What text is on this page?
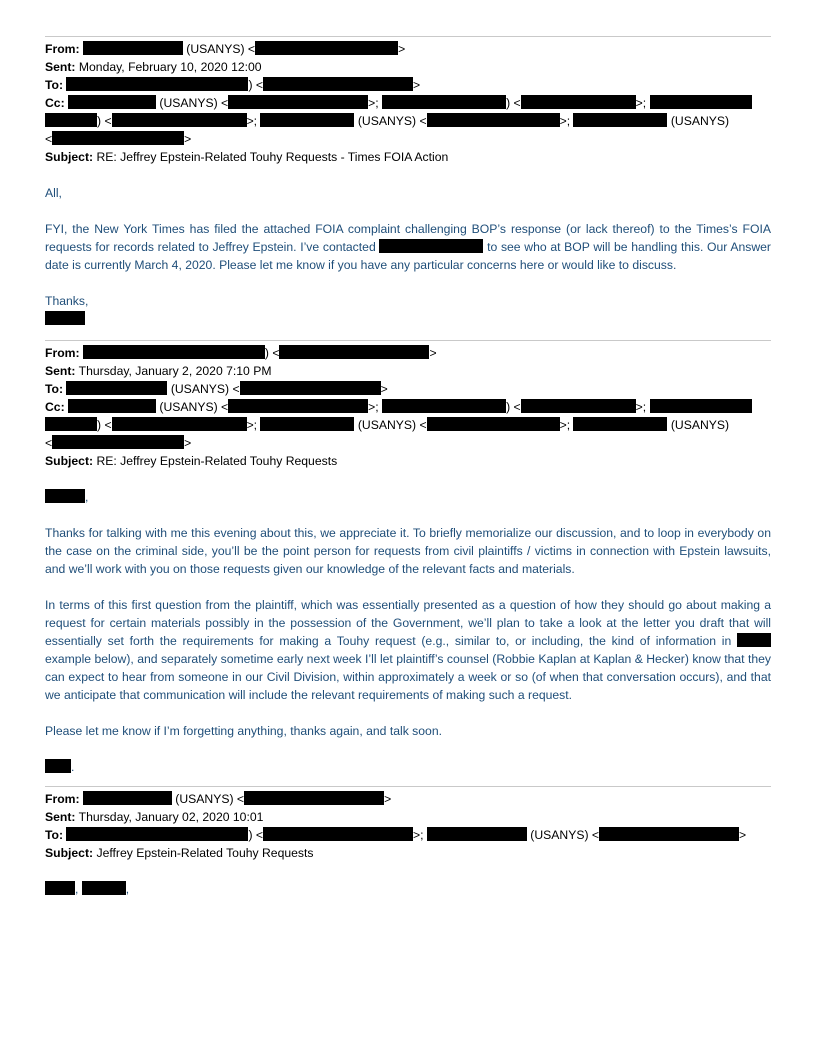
From:	(USANYS) <	>
Sent: Monday, February 10, 2020 12:00
To:	) <	>
Cc:	(USANYS) <	>;	) <	>;
) <	>;	(USANYS) <	>;	(USANYS)
<	>
Subject: RE: Jeffrey Epstein-Related Touhy Requests - Times FOIA Action

All,

FYI, the New York Times has filed the attached FOIA complaint challenging BOP’s response (or lack thereof) to the Times’s FOIA requests for records related to Jeffrey Epstein. I’ve contacted	to see who at BOP will be handling this. Our Answer date is currently March 4, 2020. Please let me know if you have any particular concerns here or would like to discuss.

Thanks,

From:	) <	>
Sent: Thursday, January 2, 2020 7:10 PM
To:	(USANYS) <	>
Cc:	(USANYS) <	>;	) <	>;
) <	>;	(USANYS) <	>;	(USANYS)
<	>
Subject: RE: Jeffrey Epstein-Related Touhy Requests
,

Thanks for talking with me this evening about this, we appreciate it. To briefly memorialize our discussion, and to loop in everybody on the case on the criminal side, you’ll be the point person for requests from civil plaintiffs / victims in connection with Epstein lawsuits, and we’ll work with you on those requests given our knowledge of the relevant facts and materials.

In terms of this first question from the plaintiff, which was essentially presented as a question of how they should go about making a request for certain materials possibly in the possession of the Government, we’ll plan to take a look at the letter you draft that will essentially set forth the requirements for making a Touhy request (e.g., similar to, or including, the kind of information in  example below), and separately sometime early next week I’ll let plaintiff’s counsel (Robbie Kaplan at Kaplan & Hecker) know that they can expect to hear from someone in our Civil Division, within approximately a week or so (of when that conversation occurs), and that we anticipate that communication will include the relevant requirements of making such a request.

Please let me know if I’m forgetting anything, thanks again, and talk soon.

.
From:	(USANYS) <	>
Sent: Thursday, January 02, 2020 10:01
To:	) <	>;	(USANYS) <	>
Subject: Jeffrey Epstein-Related Touhy Requests
,	,
